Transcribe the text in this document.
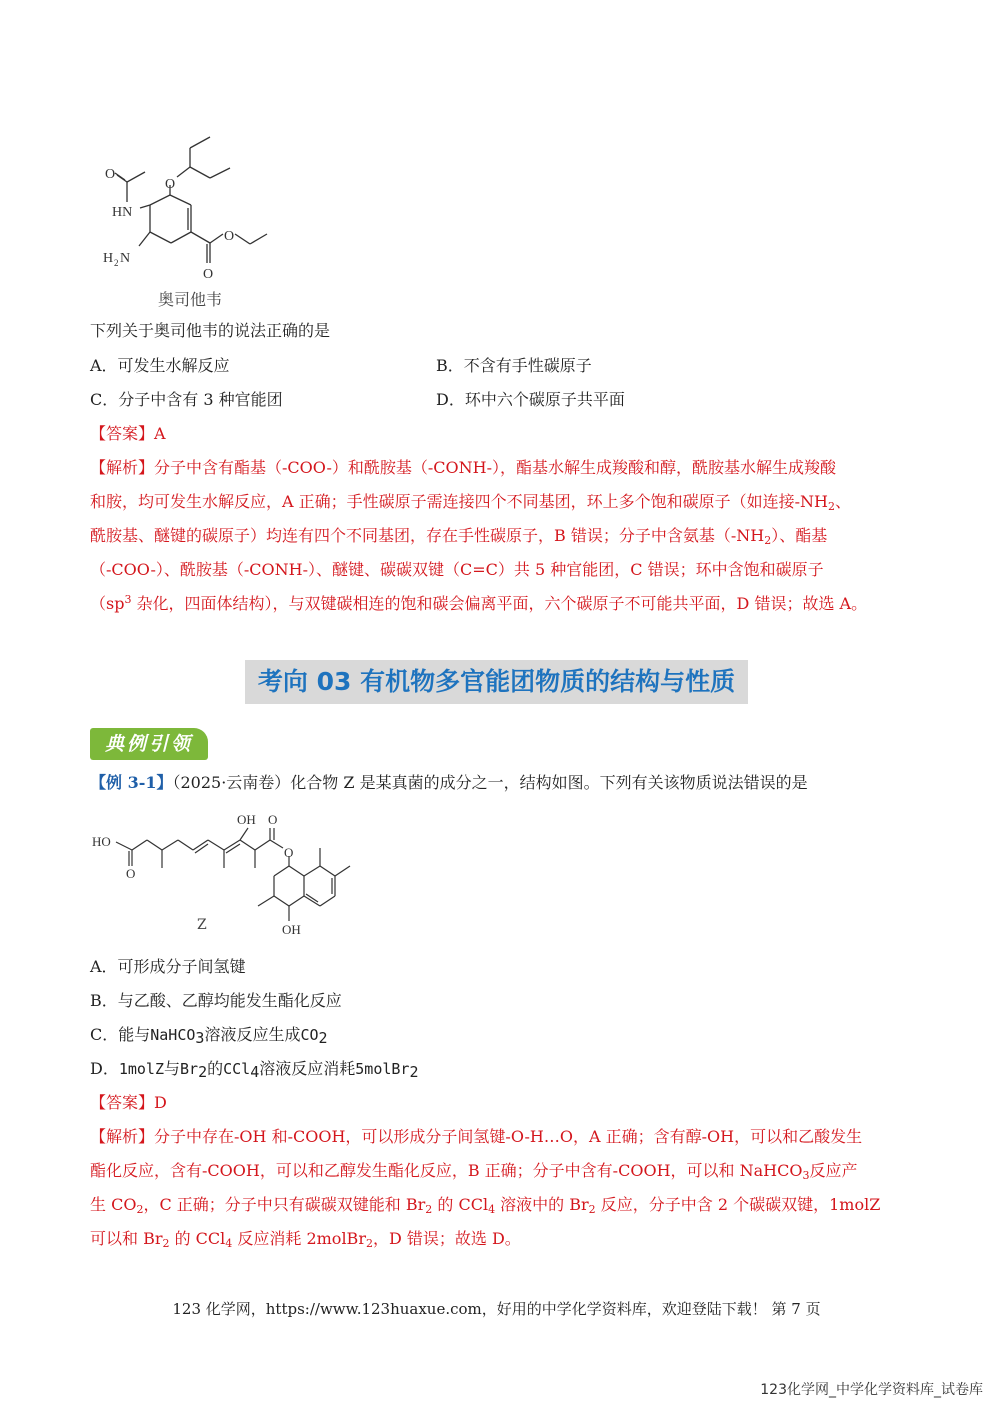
O
HN
H 2 N
O
O
O
奥司他韦
下列关于奥司他韦的说法正确的是
A．可发生水解反应	B．不含有手性碳原子
C．分子中含有 3 种官能团	D．环中六个碳原子共平面
【答案】A
【解析】分子中含有酯基（-COO-）和酰胺基（-CONH-），酯基水解生成羧酸和醇，酰胺基水解生成羧酸
和胺，均可发生水解反应，A 正确；手性碳原子需连接四个不同基团，环上多个饱和碳原子（如连接$-NH_2$、
酰胺基、醚键的碳原子）均连有四个不同基团，存在手性碳原子，B 错误；分子中含氨基$(-NH_2)$、酯基
（-COO-）、酰胺基（-CONH-）、醚键、碳碳双键（C=C）共 5 种官能团，C 错误；环中含饱和碳原子
（$sp^3$ 杂化，四面体结构），与双键碳相连的饱和碳会偏离平面，六个碳原子不可能共平面，D 错误；故选 A。
考向 03 有机物多官能团物质的结构与性质
典例引领
【例 3-1】（2025·云南卷）化合物 Z 是某真菌的成分之一，结构如图。下列有关该物质说法错误的是
HO
O
OH O
O
OH
Z
A．可形成分子间氢键
B．与乙酸、乙醇均能发生酯化反应
C．能与NaHCO$_3$溶液反应生成$CO_2$
D．1molZ与$Br_2$的CCl$_4$溶液反应消耗5molBr$_2$
【答案】D
【解析】分子中存在-OH 和-COOH，可以形成分子间氢键-O-H…O，A 正确；含有醇-OH，可以和乙酸发生
酯化反应，含有-COOH，可以和乙醇发生酯化反应，B 正确；分子中含有-COOH，可以和 NaHCO$_3$反应产
生 $CO_2$，C 正确；分子中只有碳碳双键能和 $Br_2$ 的 CCl$_4$ 溶液中的 $Br_2$ 反应，分子中含 2 个碳碳双键，1molZ
可以和 $Br_2$ 的 CCl$_4$ 反应消耗 2molBr$_2$，D 错误；故选 D。
123 化学网，https://www.123huaxue.com，好用的中学化学资料库，欢迎登陆下载！ 第 7 页
123化学网_中学化学资料库_试卷库
